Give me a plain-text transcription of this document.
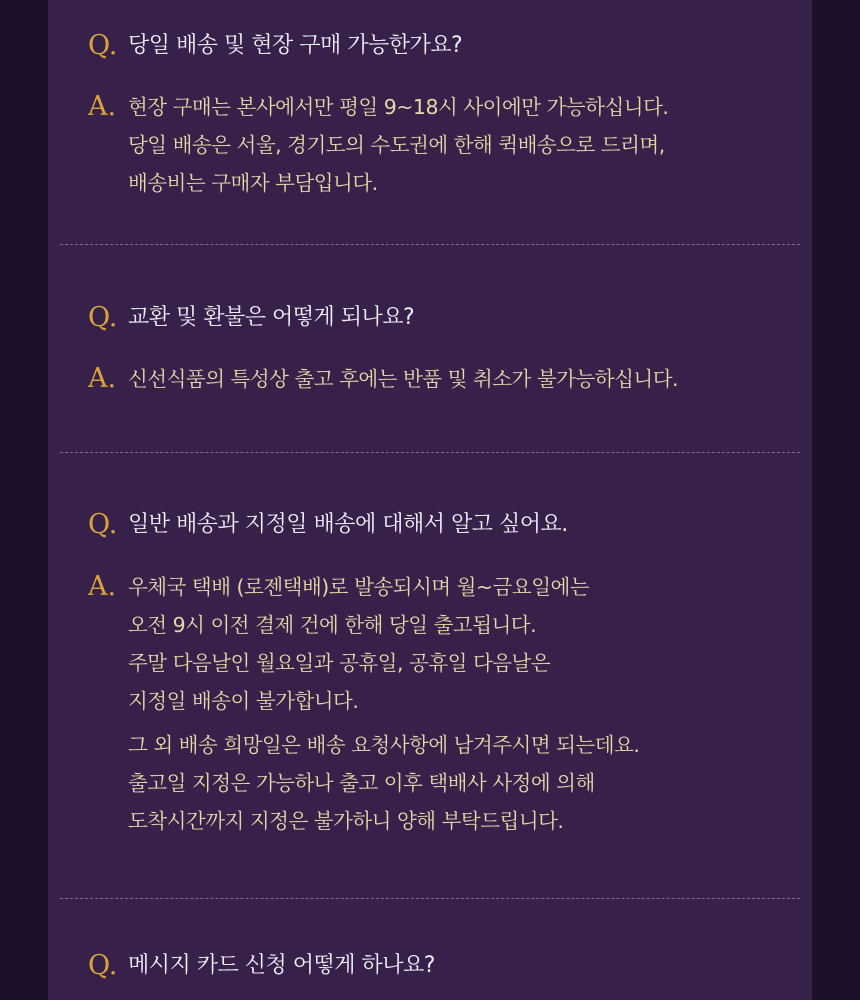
Q. 당일 배송 및 현장 구매 가능한가요?
A. 현장 구매는 본사에서만 평일 9~18시 사이에만 가능하십니다.
당일 배송은 서울, 경기도의 수도권에 한해 퀵배송으로 드리며,
배송비는 구매자 부담입니다.
Q. 교환 및 환불은 어떻게 되나요?
A. 신선식품의 특성상 출고 후에는 반품 및 취소가 불가능하십니다.
Q. 일반 배송과 지정일 배송에 대해서 알고 싶어요.
A. 우체국 택배 (로젠택배)로 발송되시며 월~금요일에는
오전 9시 이전 결제 건에 한해 당일 출고됩니다.
주말 다음날인 월요일과 공휴일, 공휴일 다음날은
지정일 배송이 불가합니다.
그 외 배송 희망일은 배송 요청사항에 남겨주시면 되는데요.
출고일 지정은 가능하나 출고 이후 택배사 사정에 의해
도착시간까지 지정은 불가하니 양해 부탁드립니다.
Q. 메시지 카드 신청 어떻게 하나요?
